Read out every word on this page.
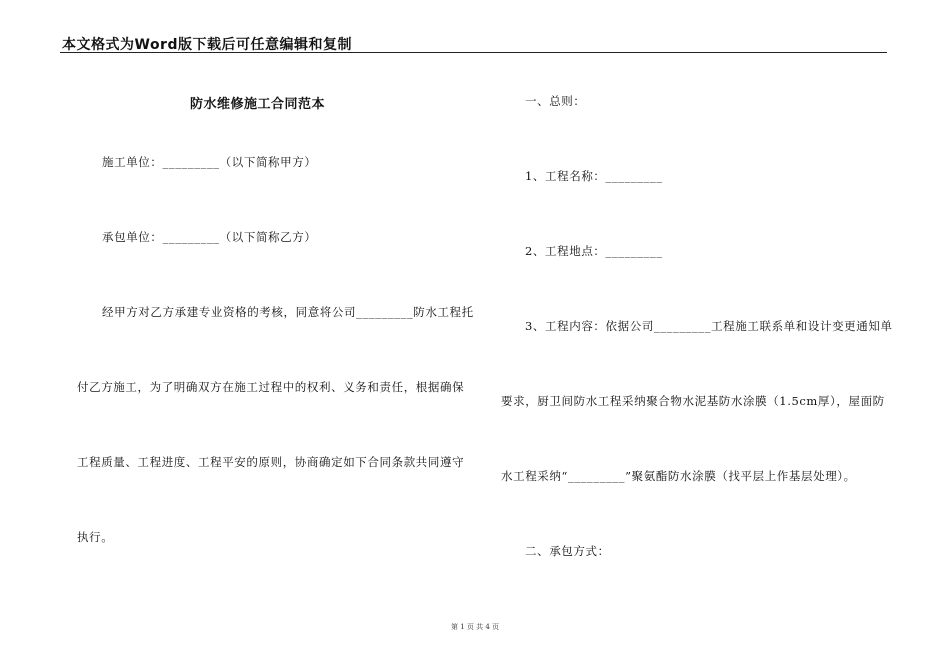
本文格式为Word版下载后可任意编辑和复制
防水维修施工合同范本
施工单位：_________（以下简称甲方）
承包单位：_________（以下简称乙方）
经甲方对乙方承建专业资格的考核，同意将公司_________防水工程托
付乙方施工，为了明确双方在施工过程中的权利、义务和责任，根据确保
工程质量、工程进度、工程平安的原则，协商确定如下合同条款共同遵守
执行。
一、总则：
1、工程名称：_________
2、工程地点：_________
3、工程内容：依据公司_________工程施工联系单和设计变更通知单
要求，厨卫间防水工程采纳聚合物水泥基防水涂膜（1.5cm厚），屋面防
水工程采纳“_________”聚氨酯防水涂膜（找平层上作基层处理）。
二、承包方式：
第 1 页 共 4 页
